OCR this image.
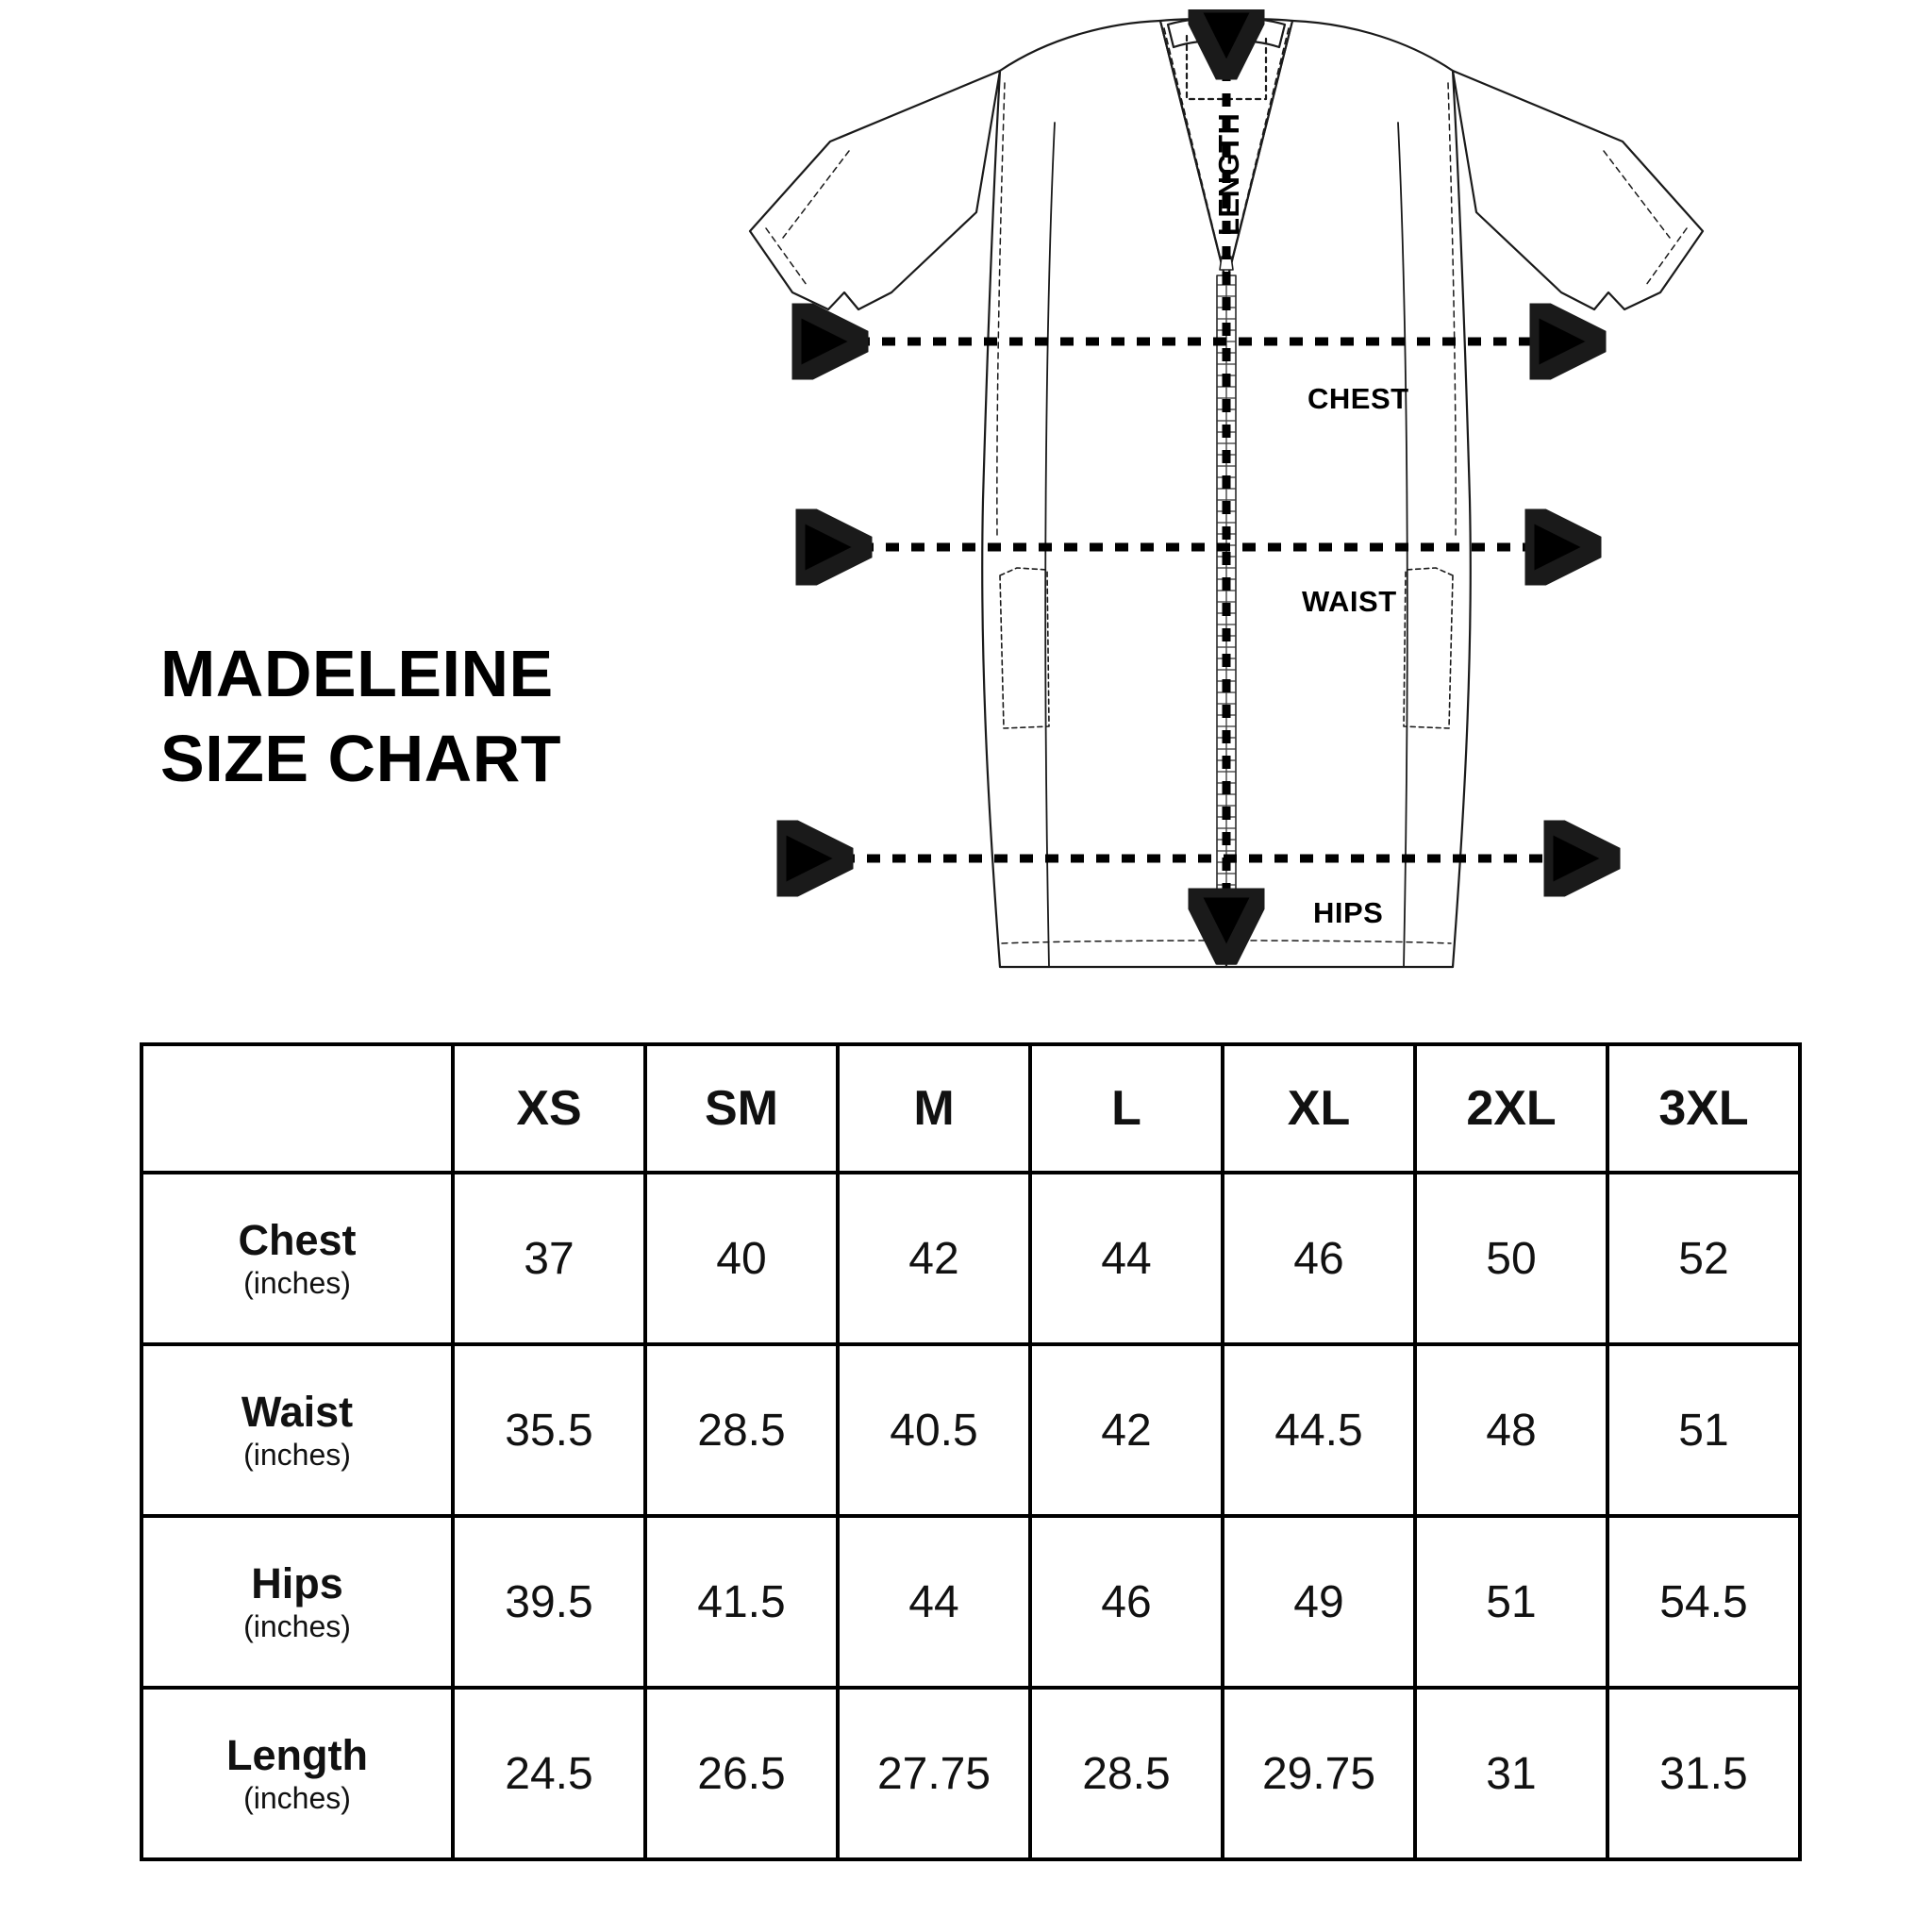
LENGTH
CHEST
WAIST
HIPS
MADELEINE
SIZE CHART
	XS	SM	M	L	XL	2XL	3XL

Chest
(inches)	37	40	42	44	46	50	52

Waist
(inches)	35.5	28.5	40.5	42	44.5	48	51

Hips
(inches)	39.5	41.5	44	46	49	51	54.5

Length
(inches)	24.5	26.5	27.75	28.5	29.75	31	31.5
